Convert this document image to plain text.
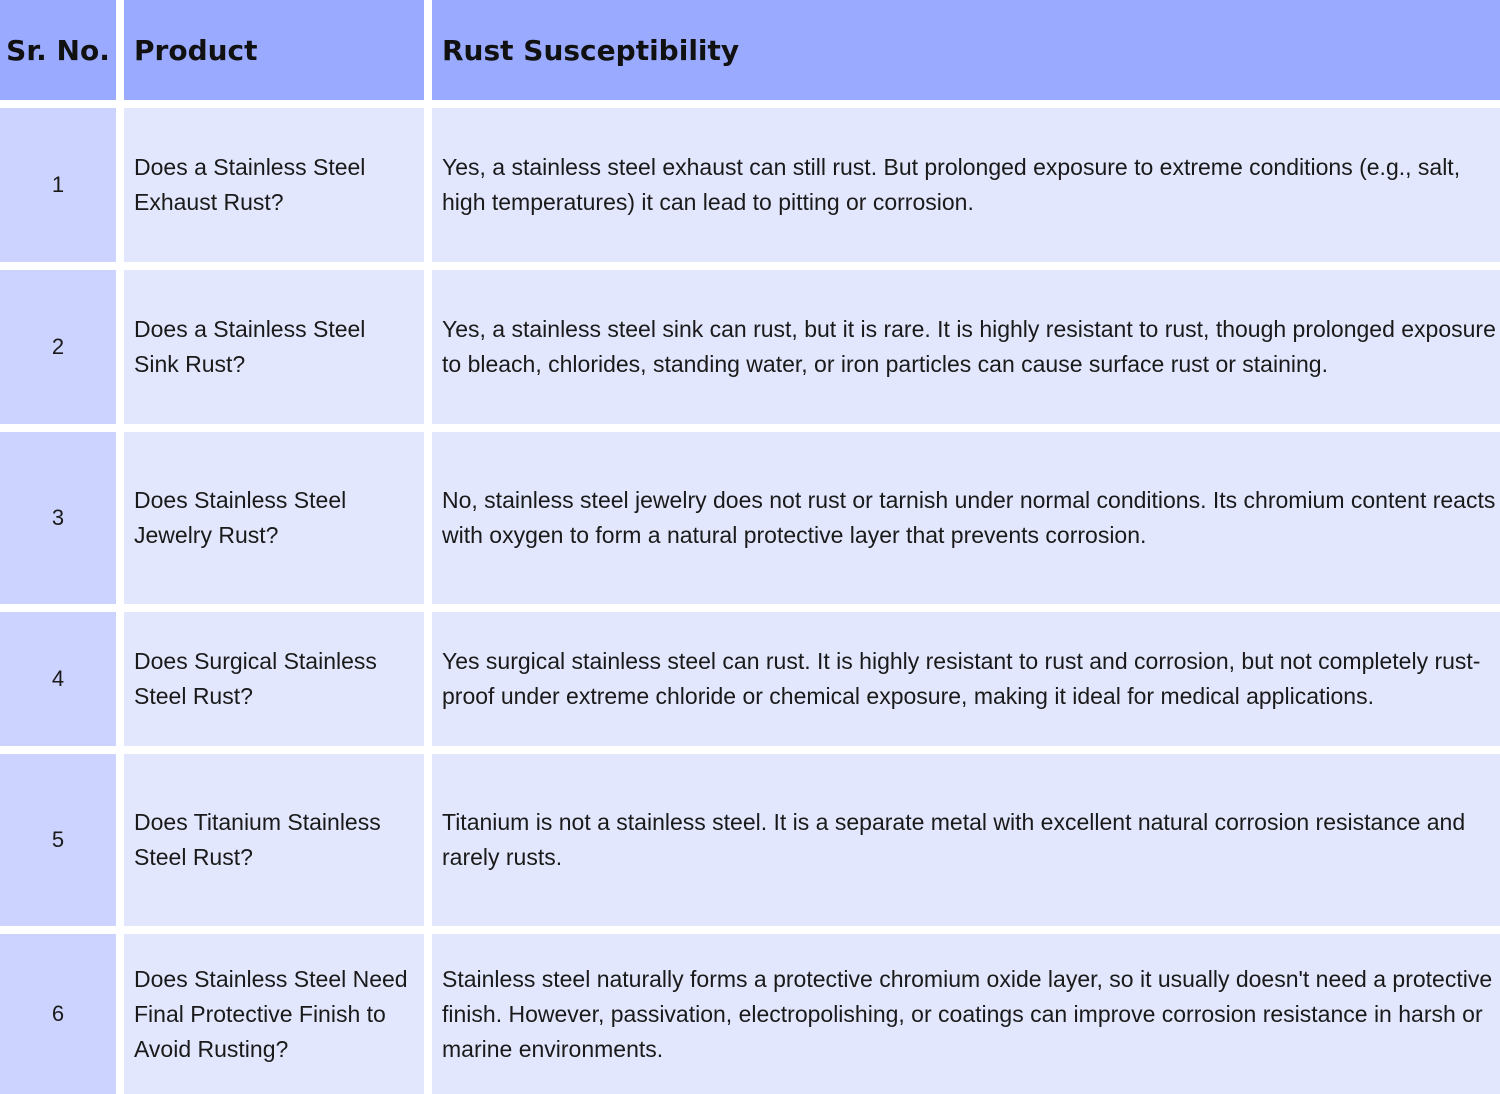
Sr. No. Product	Rust Susceptibility
1
Does a Stainless Steel Exhaust Rust?
Yes, a stainless steel exhaust can still rust. But prolonged exposure to extreme conditions (e.g., salt, high temperatures) it can lead to pitting or corrosion.
2
Does a Stainless Steel Sink Rust?
Yes, a stainless steel sink can rust, but it is rare. It is highly resistant to rust, though prolonged exposure to bleach, chlorides, standing water, or iron particles can cause surface rust or staining.
3
Does Stainless Steel Jewelry Rust?
No, stainless steel jewelry does not rust or tarnish under normal conditions. Its chromium content reacts with oxygen to form a natural protective layer that prevents corrosion.
4
Does Surgical Stainless Steel Rust?
Yes surgical stainless steel can rust. It is highly resistant to rust and corrosion, but not completely rust-proof under extreme chloride or chemical exposure, making it ideal for medical applications.
5
Does Titanium Stainless Steel Rust?
Titanium is not a stainless steel. It is a separate metal with excellent natural corrosion resistance and rarely rusts.
6
Does Stainless Steel Need Final Protective Finish to Avoid Rusting?
Stainless steel naturally forms a protective chromium oxide layer, so it usually doesn't need a protective finish. However, passivation, electropolishing, or coatings can improve corrosion resistance in harsh or marine environments.
